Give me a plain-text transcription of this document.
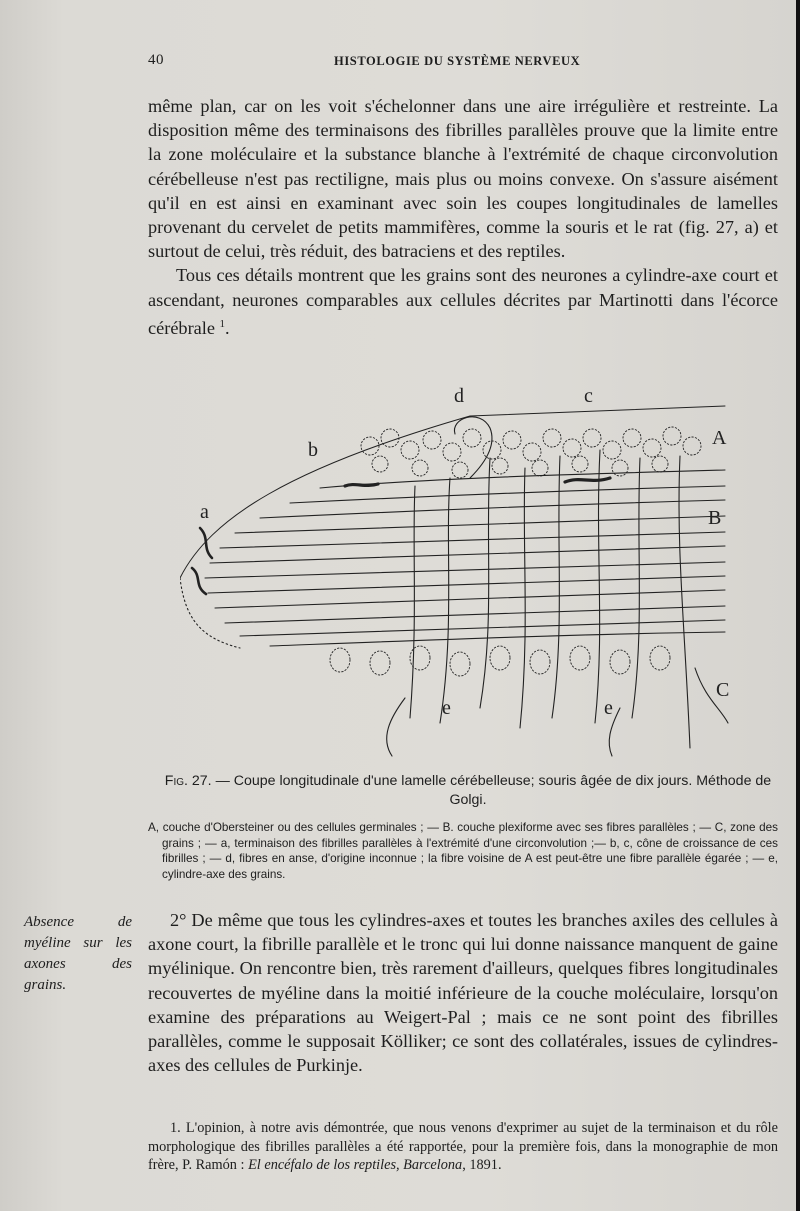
40	HISTOLOGIE DU SYSTÈME NERVEUX

même plan, car on les voit s'échelonner dans une aire irrégulière et restreinte. La disposition même des terminaisons des fibrilles parallèles prouve que la limite entre la zone moléculaire et la substance blanche à l'extrémité de chaque circonvolution cérébelleuse n'est pas rectiligne, mais plus ou moins convexe. On s'assure aisément qu'il en est ainsi en examinant avec soin les coupes longitudinales de lamelles provenant du cervelet de petits mammifères, comme la souris et le rat (fig. 27, a) et surtout de celui, très réduit, des batraciens et des reptiles.

Tous ces détails montrent que les grains sont des neurones a cylindre-axe court et ascendant, neurones comparables aux cellules décrites par Martinotti dans l'écorce cérébrale $^1$.

b
a
d	c
A
B
C
e	e
Fig. 27. — Coupe longitudinale d'une lamelle cérébelleuse; souris âgée de dix jours. Méthode de Golgi.

A, couche d'Obersteiner ou des cellules germinales ; — B. couche plexiforme avec ses fibres parallèles ; — C, zone des grains ; — a, terminaison des fibrilles parallèles à l'extrémité d'une circonvolution ;— b, c, cône de croissance de ces fibrilles ; — d, fibres en anse, d'origine inconnue ; la fibre voisine de A est peut-être une fibre parallèle égarée ; — e, cylindre-axe des grains.

Absence de myéline sur les axones des grains.

2° De même que tous les cylindres-axes et toutes les branches axiles des cellules à axone court, la fibrille parallèle et le tronc qui lui donne naissance manquent de gaine myélinique. On rencontre bien, très rarement d'ailleurs, quelques fibres longitudinales recouvertes de myéline dans la moitié inférieure de la couche moléculaire, lorsqu'on examine des préparations au Weigert-Pal ; mais ce ne sont point des fibrilles parallèles, comme le supposait Kölliker; ce sont des collatérales, issues de cylindres-axes des cellules de Purkinje.

1. L'opinion, à notre avis démontrée, que nous venons d'exprimer au sujet de la terminaison et du rôle morphologique des fibrilles parallèles a été rapportée, pour la première fois, dans la monographie de mon frère, P. Ramón : El encéfalo de los reptiles, Barcelona, 1891.
